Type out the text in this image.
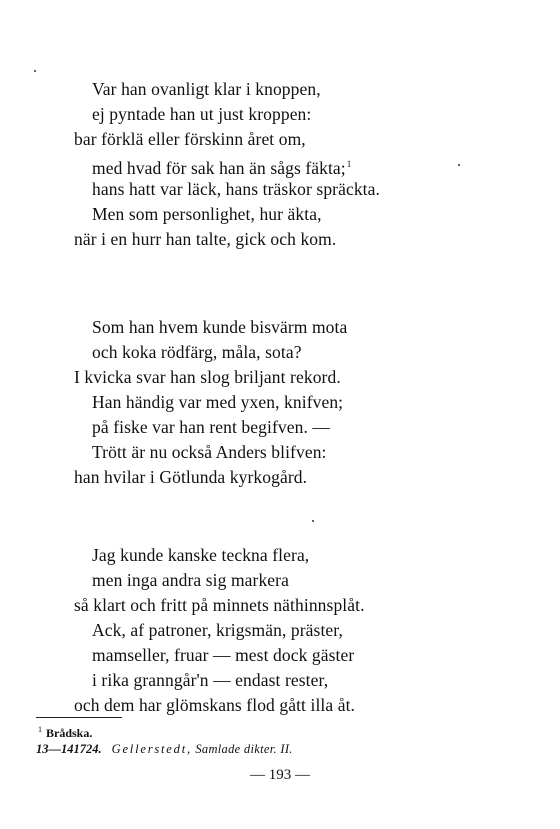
Var han ovanligt klar i knoppen,
ej pyntade han ut just kroppen:
bar förklä eller förskinn året om,
med hvad för sak han än sågs fäkta;$^1$
hans hatt var läck, hans träskor spräckta.
Men som personlighet, hur äkta,
när i en hurr han talte, gick och kom.
Som han hvem kunde bisvärm mota
och koka rödfärg, måla, sota?
I kvicka svar han slog briljant rekord.
Han händig var med yxen, knifven;
på fiske var han rent begifven. —
Trött är nu också Anders blifven:
han hvilar i Götlunda kyrkogård.
Jag kunde kanske teckna flera,
men inga andra sig markera
så klart och fritt på minnets näthinnsplåt.
Ack, af patroner, krigsmän, präster,
mamseller, fruar — mest dock gäster
i rika granngår'n — endast rester,
och dem har glömskans flod gått illa åt.
$^1$ Brådska.
13—141724. Gellerstedt, Samlade dikter. II.
— 193 —
